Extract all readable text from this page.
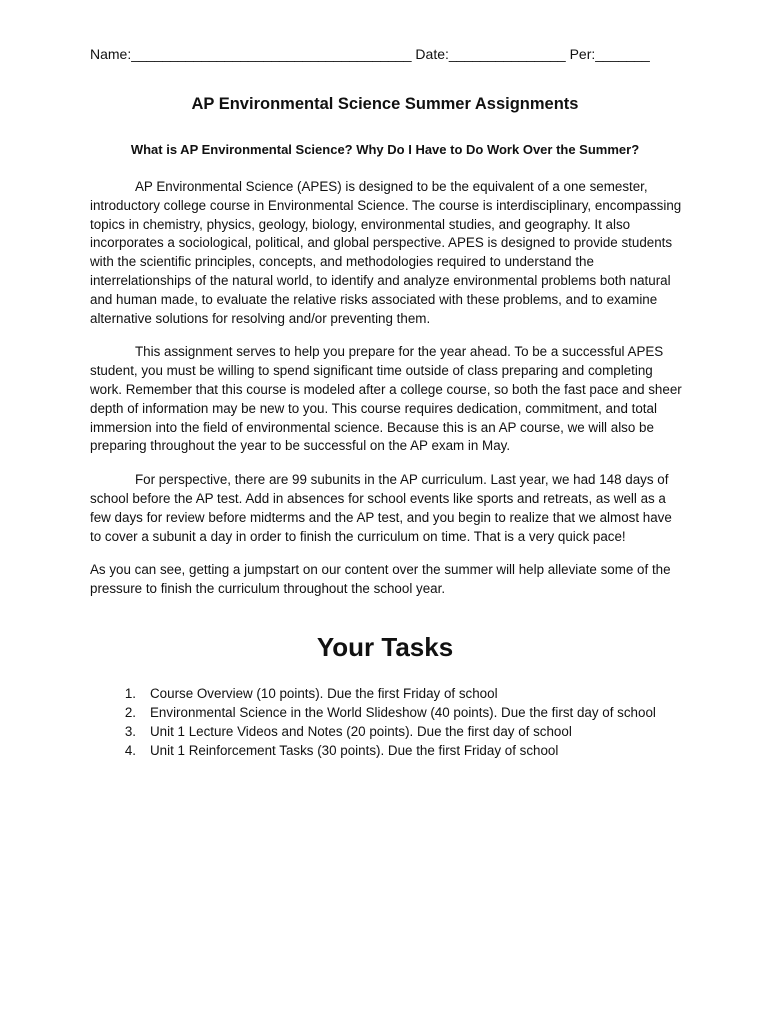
Name:____________________________________ Date:_______________ Per:_______
AP Environmental Science Summer Assignments
What is AP Environmental Science? Why Do I Have to Do Work Over the Summer?

AP Environmental Science (APES) is designed to be the equivalent of a one semester, introductory college course in Environmental Science. The course is interdisciplinary, encompassing topics in chemistry, physics, geology, biology, environmental studies, and geography. It also incorporates a sociological, political, and global perspective. APES is designed to provide students with the scientific principles, concepts, and methodologies required to understand the interrelationships of the natural world, to identify and analyze environmental problems both natural and human made, to evaluate the relative risks associated with these problems, and to examine alternative solutions for resolving and/or preventing them.

This assignment serves to help you prepare for the year ahead. To be a successful APES student, you must be willing to spend significant time outside of class preparing and completing work. Remember that this course is modeled after a college course, so both the fast pace and sheer depth of information may be new to you. This course requires dedication, commitment, and total immersion into the field of environmental science. Because this is an AP course, we will also be preparing throughout the year to be successful on the AP exam in May.

For perspective, there are 99 subunits in the AP curriculum. Last year, we had 148 days of school before the AP test. Add in absences for school events like sports and retreats, as well as a few days for review before midterms and the AP test, and you begin to realize that we almost have to cover a subunit a day in order to finish the curriculum on time. That is a very quick pace!

As you can see, getting a jumpstart on our content over the summer will help alleviate some of the pressure to finish the curriculum throughout the school year.

Your Tasks
1.	Course Overview (10 points). Due the first Friday of school
2.	Environmental Science in the World Slideshow (40 points). Due the first day of school
3.	Unit 1 Lecture Videos and Notes (20 points). Due the first day of school
4.	Unit 1 Reinforcement Tasks (30 points). Due the first Friday of school
